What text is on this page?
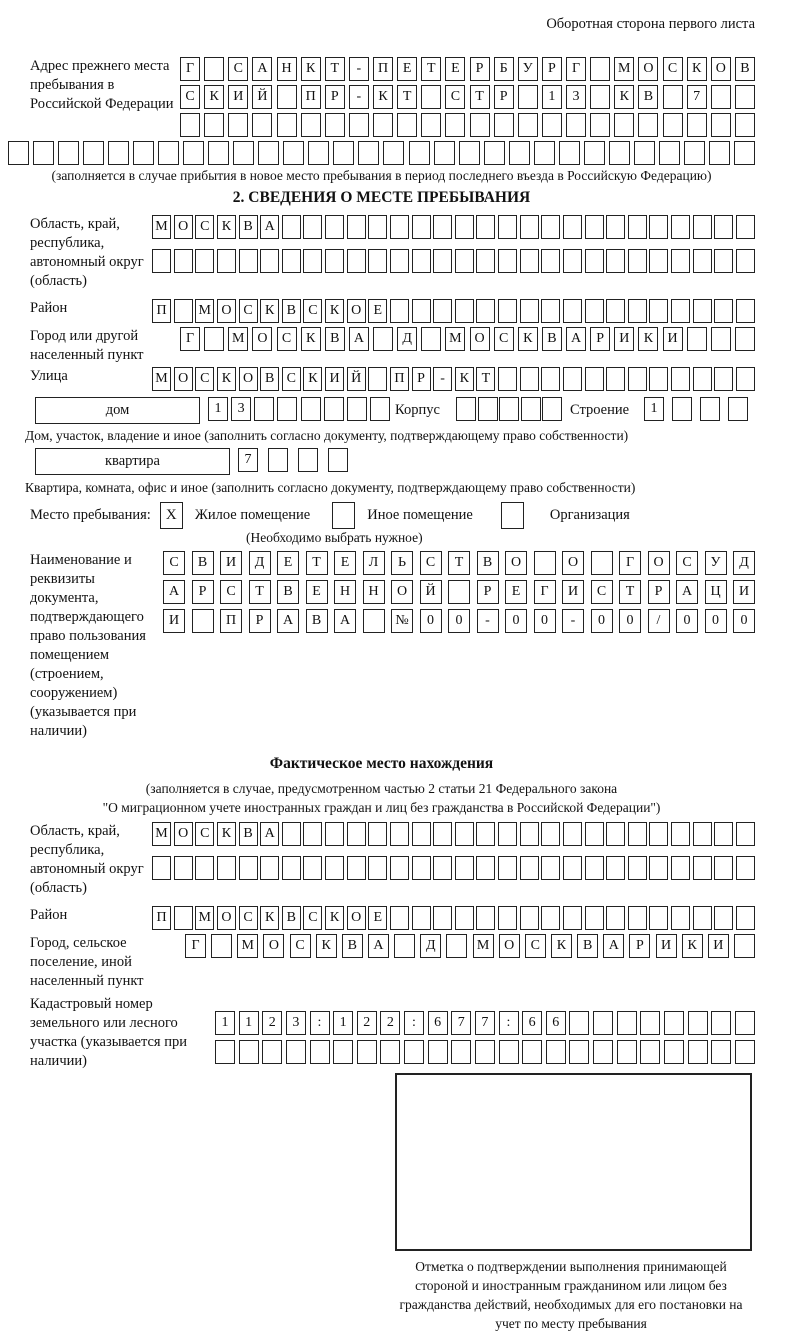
Оборотная сторона первого листа
Адрес прежнего места пребывания в Российской Федерации
Г	С	А	Н	К	Т	-	П	Е	Т	Е	Р	Б	У	Р	Г	М О	С	К	О	В
С	К	И	Й	П	Р	-	К	Т	С	Т	Р	1	3	К	В	7
(заполняется в случае прибытия в новое место пребывания в период последнего въезда в Российскую Федерацию)
2. СВЕДЕНИЯ О МЕСТЕ ПРЕБЫВАНИЯ
Область, край, республика, автономный округ (область)
М О С К В А
Район	П	М О С К В С К О Е
Город или другой населенный пункт
Г	М О	С	К	В	А	Д	М О	С	К	В	А	Р	И	К	И
Улица	М О С К О В С К И Й	П Р	-	К Т
дом	1	3	Корпус	Строение	1
Дом, участок, владение и иное (заполнить согласно документу, подтверждающему право собственности)
квартира	7
Квартира, комната, офис и иное (заполнить согласно документу, подтверждающему право собственности)
Место пребывания:	X	Жилое помещение	Иное помещение	Организация
(Необходимо выбрать нужное)
Наименование и реквизиты документа, подтверждающего право пользования помещением (строением, сооружением) (указывается при наличии)
С	В	И	Д	Е	Т	Е	Л	Ь	С	Т	В	О	О	Г	О	С	У	Д
А	Р	С	Т	В	Е	Н	Н	О	Й	Р	Е	Г	И	С	Т	Р	А	Ц	И
И	П	Р	А	В	А	№	0	0	-	0	0	-	0	0	/	0	0	0
Фактическое место нахождения
(заполняется в случае, предусмотренном частью 2 статьи 21 Федерального закона
"О миграционном учете иностранных граждан и лиц без гражданства в Российской Федерации")
Область, край, республика, автономный округ (область)
М О С К В А
Район	П	М О С К В С К О Е
Город, сельское поселение, иной населенный пункт
Г	М	О	С	К	В	А	Д	М	О	С	К	В	А	Р	И	К	И
Кадастровый номер земельного или лесного участка (указывается при наличии)
1	1	2	3	:	1	2	2	:	6	7	7	:	6	6
Отметка о подтверждении выполнения принимающей стороной и иностранным гражданином или лицом без гражданства действий, необходимых для его постановки на учет по месту пребывания
